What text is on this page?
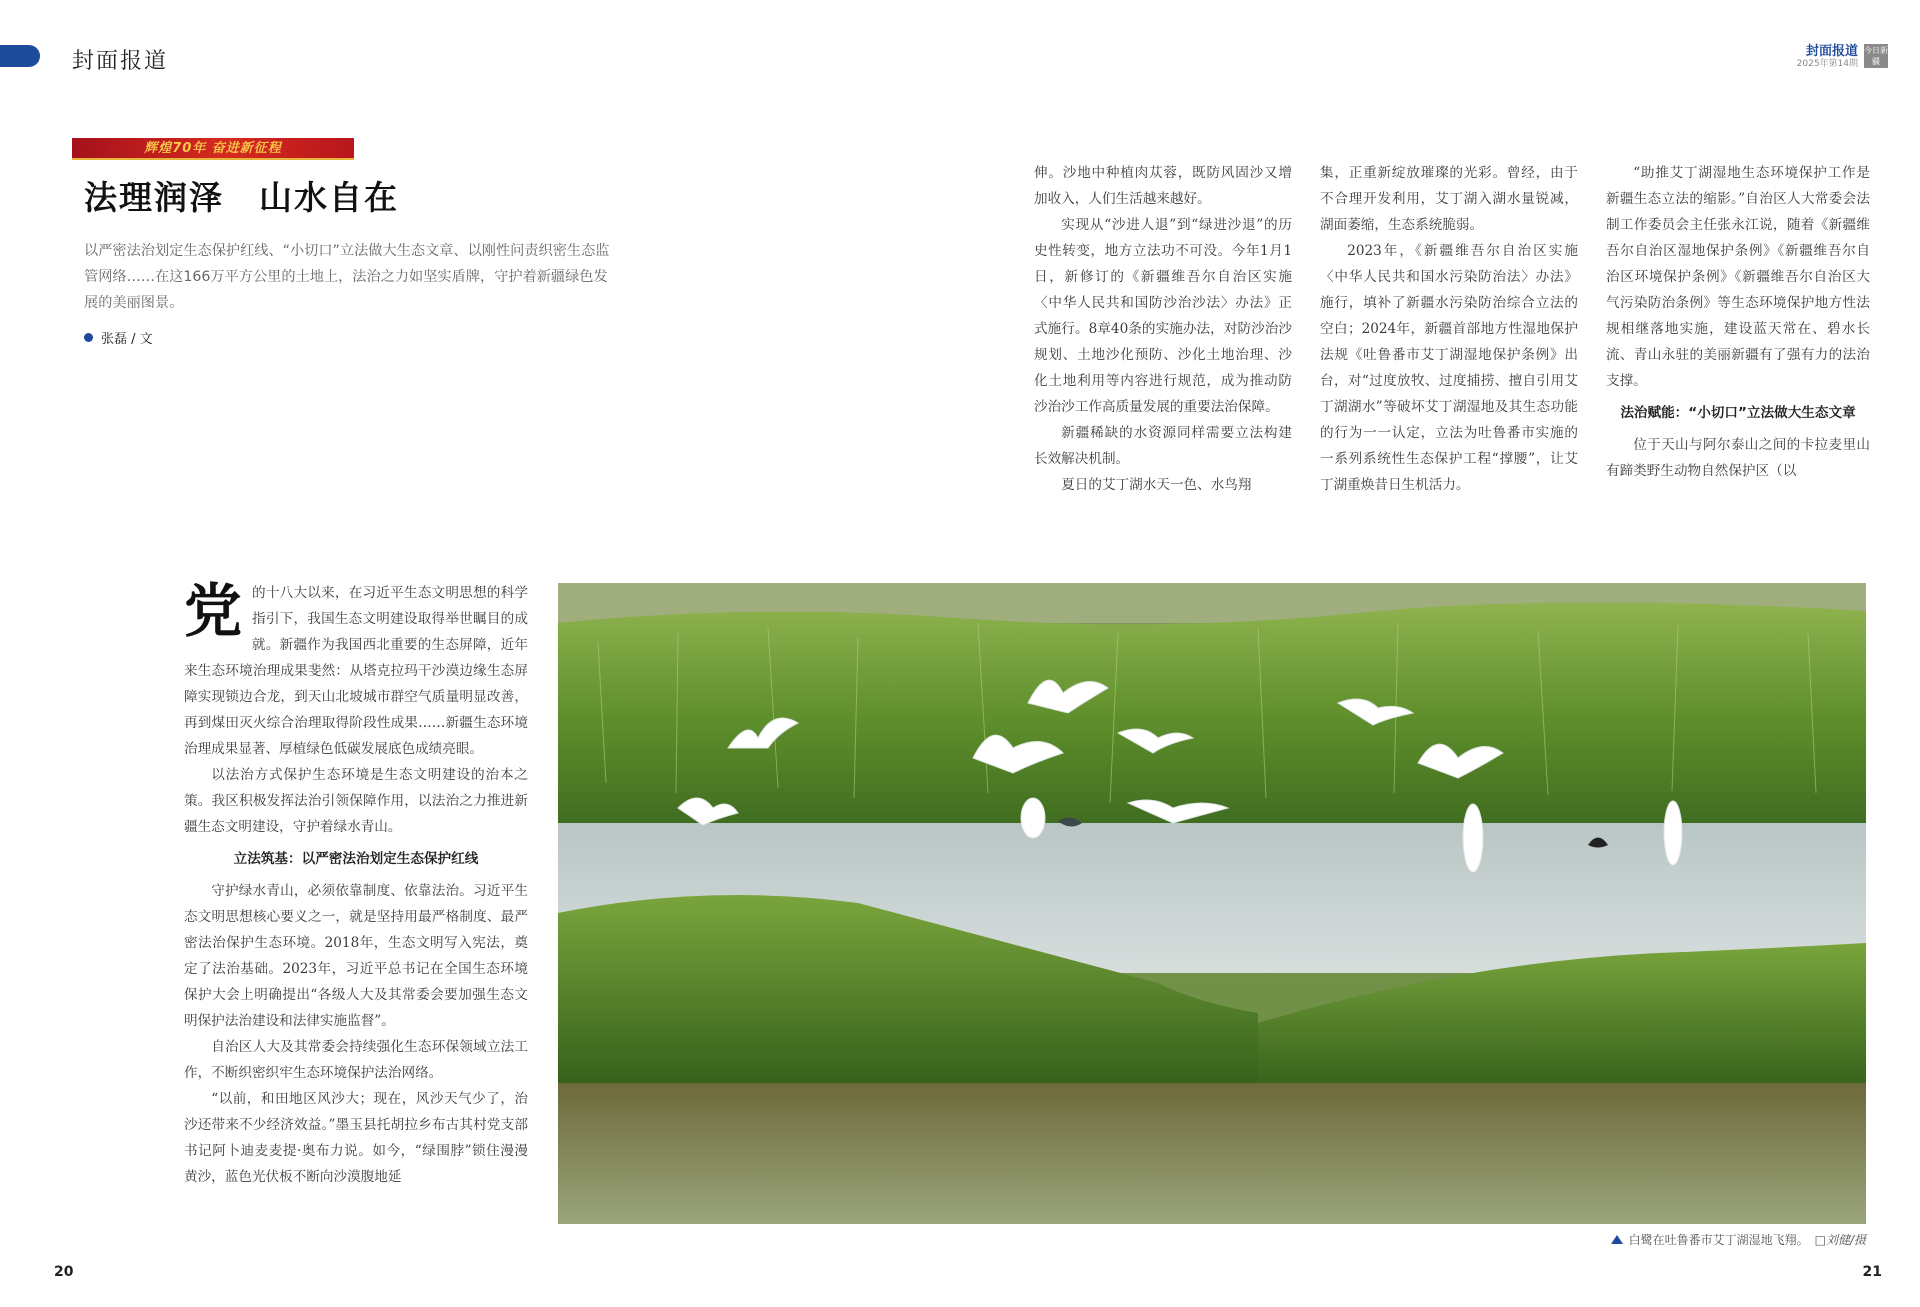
封面报道	封面报道
2025年第14期
今日新疆
辉煌70年 奋进新征程
法理润泽　山水自在
以严密法治划定生态保护红线、“小切口”立法做大生态文章、以刚性问责织密生态监管网络……在这166万平方公里的土地上，法治之力如坚实盾牌，守护着新疆绿色发展的美丽图景。
张磊 / 文

伸。沙地中种植肉苁蓉，既防风固沙又增加收入，人们生活越来越好。

实现从“沙进人退”到“绿进沙退”的历史性转变，地方立法功不可没。今年1月1日，新修订的《新疆维吾尔自治区实施〈中华人民共和国防沙治沙法〉办法》正式施行。8章40条的实施办法，对防沙治沙规划、土地沙化预防、沙化土地治理、沙化土地利用等内容进行规范，成为推动防沙治沙工作高质量发展的重要法治保障。

新疆稀缺的水资源同样需要立法构建长效解决机制。

夏日的艾丁湖水天一色、水鸟翔

集，正重新绽放璀璨的光彩。曾经，由于不合理开发利用，艾丁湖入湖水量锐减，湖面萎缩，生态系统脆弱。

2023年，《新疆维吾尔自治区实施〈中华人民共和国水污染防治法〉办法》施行，填补了新疆水污染防治综合立法的空白；2024年，新疆首部地方性湿地保护法规《吐鲁番市艾丁湖湿地保护条例》出台，对“过度放牧、过度捕捞、擅自引用艾丁湖湖水”等破坏艾丁湖湿地及其生态功能的行为一一认定，立法为吐鲁番市实施的一系列系统性生态保护工程“撑腰”，让艾丁湖重焕昔日生机活力。

“助推艾丁湖湿地生态环境保护工作是新疆生态立法的缩影。”自治区人大常委会法制工作委员会主任张永江说，随着《新疆维吾尔自治区湿地保护条例》《新疆维吾尔自治区环境保护条例》《新疆维吾尔自治区大气污染防治条例》等生态环境保护地方性法规相继落地实施，建设蓝天常在、碧水长流、青山永驻的美丽新疆有了强有力的法治支撑。

法治赋能：“小切口”立法做大生态文章

位于天山与阿尔泰山之间的卡拉麦里山有蹄类野生动物自然保护区（以

党的十八大以来，在习近平生态文明思想的科学指引下，我国生态文明建设取得举世瞩目的成就。新疆作为我国西北重要的生态屏障，近年来生态环境治理成果斐然：从塔克拉玛干沙漠边缘生态屏障实现锁边合龙，到天山北坡城市群空气质量明显改善，再到煤田灭火综合治理取得阶段性成果……新疆生态环境治理成果显著、厚植绿色低碳发展底色成绩亮眼。

以法治方式保护生态环境是生态文明建设的治本之策。我区积极发挥法治引领保障作用，以法治之力推进新疆生态文明建设，守护着绿水青山。

立法筑基：以严密法治划定生态保护红线

守护绿水青山，必须依靠制度、依靠法治。习近平生态文明思想核心要义之一，就是坚持用最严格制度、最严密法治保护生态环境。2018年，生态文明写入宪法，奠定了法治基础。2023年，习近平总书记在全国生态环境保护大会上明确提出“各级人大及其常委会要加强生态文明保护法治建设和法律实施监督”。

自治区人大及其常委会持续强化生态环保领域立法工作，不断织密织牢生态环境保护法治网络。

“以前，和田地区风沙大；现在，风沙天气少了，治沙还带来不少经济效益。”墨玉县托胡拉乡布古其村党支部书记阿卜迪麦麦提·奥布力说。如今，“绿围脖”锁住漫漫黄沙，蓝色光伏板不断向沙漠腹地延

白鹭在吐鲁番市艾丁湖湿地飞翔。 □刘健/摄
20	21
